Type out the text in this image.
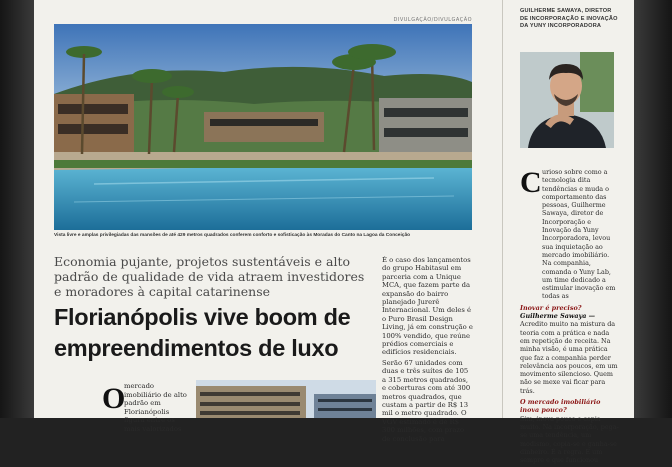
DIVULGAÇÃO/DIVULGAÇÃO
Vista livre e amplas privilegiadas das mansões de até 429 metros quadrados conferem conforto e sofisticação às Moradas do Canto na Lagoa da Conceição
Economia pujante, projetos sustentáveis e alto padrão de qualidade de vida atraem investidores e moradores à capital catarinense
Florianópolis vive boom de
empreendimentos de luxo

É o caso dos lançamentos do grupo Habitasul em parceria com a Unique MCA, que fazem parte da expansão do bairro planejado Jurerê Internacional. Um deles é o Puro Brasil Design Living, já em construção e 100% vendido, que reúne prédios comerciais e edifícios residenciais.

Serão 67 unidades com duas e três suítes de 105 a 315 metros quadrados, e coberturas com até 300 metros quadrados, que custam a partir de R$ 13 mil o metro quadrado. O VGV estimado é de R$ 300 milhões, com prazo de conclusão para

O
mercado imobiliário de alto padrão em Florianópolis figura entre os mais valorizados
GUILHERME SAWAYA, DIRETOR
DE INCORPORAÇÃO E INOVAÇÃO
DA YUNY INCORPORADORA
C urioso sobre como a tecnologia dita tendências e muda o comportamento das pessoas, Guilherme Sawaya, diretor de Incorporação e Inovação da Yuny Incorporadora, levou sua inquietação ao mercado imobiliário. Na companhia, comanda o Yuny Lab, um time dedicado a estimular inovação em todas as

Inovar é preciso?
Guilherme Sawaya — Acredito muito na mistura da teoria com a prática e nada em repetição de receita. Na minha visão, é uma prática que faz a companhia perder relevância aos poucos, em um movimento silencioso. Quem não se mexe vai ficar para trás.

O mercado imobiliário inova pouco?
Sim, inova pouco e copia muito. Na incorporação, pega-se uma tendência, um modismo, copia-se e ganha-se dinheiro. É a regra. E um sempre e que funcionou
